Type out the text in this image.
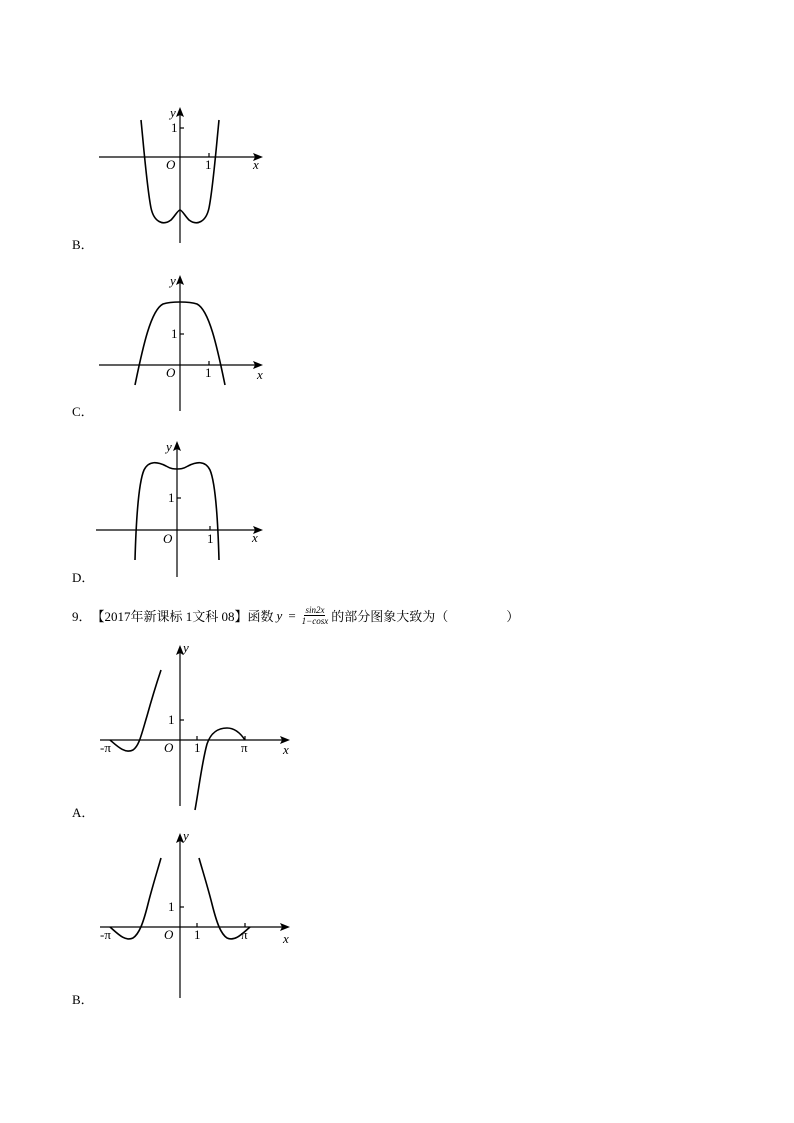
y
1
O 1	x
B．
y
1
O 1	x
C．
y
1
O	1	x
D．
9． 【2017年新课标 1文科 08】 函数 $y = \frac{\sin 2x}{1-\cos x}$ 的部分图象大致为（	）
y
1
-π	O 1	π	x
A．
y
1
-π	O 1	π	x
B．
